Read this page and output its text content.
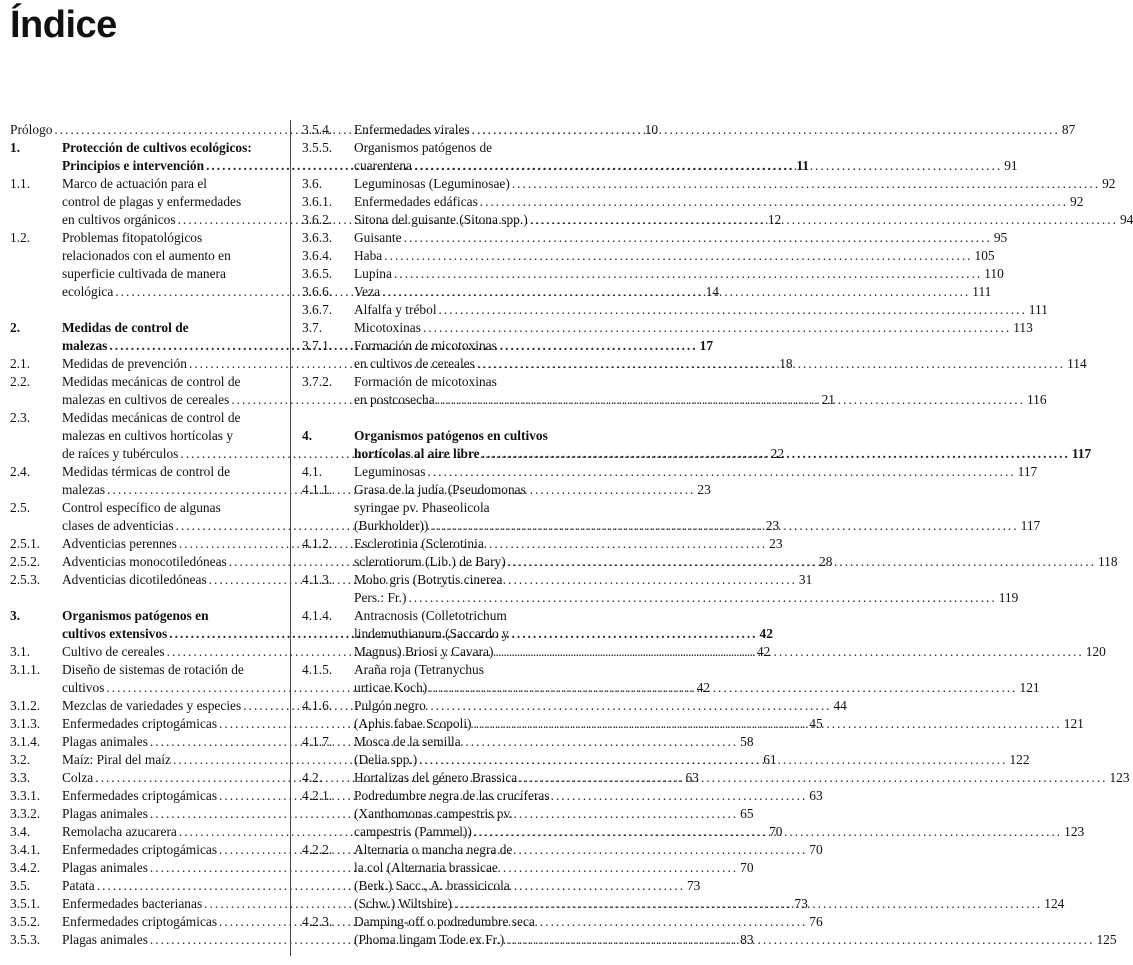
Índice
Prólogo .....	10
1.	Protección de cultivos ecológicos:
Principios e intervención .....	11
1.1.	Marco de actuación para el
control de plagas y enfermedades
en cultivos orgánicos .....	12
1.2.	Problemas fitopatológicos
relacionados con el aumento en
superficie cultivada de manera
ecológica .....	14
2.	Medidas de control de
malezas .....	17
2.1.	Medidas de prevención .....	18
2.2.	Medidas mecánicas de control de
malezas en cultivos de cereales .....	21
2.3.	Medidas mecánicas de control de
malezas en cultivos hortícolas y
de raíces y tubérculos .....	22
2.4.	Medidas térmicas de control de
malezas .....	23
2.5.	Control específico de algunas
clases de adventicias .....	23
2.5.1.	Adventicias perennes .....	23
2.5.2.	Adventicias monocotiledóneas .....	28
2.5.3.	Adventicias dicotiledóneas .....	31
3.	Organismos patógenos en
cultivos extensivos .....	42
3.1.	Cultivo de cereales .....	42
3.1.1.	Diseño de sistemas de rotación de
cultivos .....	42
3.1.2.	Mezclas de variedades y especies .....	44
3.1.3.	Enfermedades criptogámicas .....	45
3.1.4.	Plagas animales .....	58
3.2.	Maíz: Piral del maíz .....	61
3.3.	Colza .....	63
3.3.1.	Enfermedades criptogámicas .....	63
3.3.2.	Plagas animales .....	65
3.4.	Remolacha azucarera .....	70
3.4.1.	Enfermedades criptogámicas .....	70
3.4.2.	Plagas animales .....	70
3.5.	Patata .....	73
3.5.1.	Enfermedades bacterianas .....	73
3.5.2.	Enfermedades criptogámicas .....	76
3.5.3.	Plagas animales .....	83
3.5.4.	Enfermedades virales .....	87
3.5.5.	Organismos patógenos de
cuarentena .....	91
3.6.	Leguminosas (Leguminosae) .....	92
3.6.1.	Enfermedades edáficas .....	92
3.6.2.	Sitona del guisante (Sitona spp.) .....	94
3.6.3.	Guisante .....	95
3.6.4.	Haba .....	105
3.6.5.	Lupina .....	110
3.6.6.	Veza .....	111
3.6.7.	Alfalfa y trébol .....	111
3.7.	Micotoxinas .....	113
3.7.1.	Formación de micotoxinas
en cultivos de cereales .....	114
3.7.2.	Formación de micotoxinas
en postcosecha .....	116
4.	Organismos patógenos en cultivos
hortícolas al aire libre .....	117
4.1.	Leguminosas .....	117
4.1.1.	Grasa de la judía (Pseudomonas
syringae pv. Phaseolicola
(Burkholder)) .....	117
4.1.2.	Esclerotinia (Sclerotinia
sclerotiorum (Lib.) de Bary) .....	118
4.1.3.	Moho gris (Botrytis cinerea
Pers.: Fr.) .....	119
4.1.4.	Antracnosis (Colletotrichum
lindemuthianum (Saccardo y
Magnus) Briosi y Cavara) .....	120
4.1.5.	Araña roja (Tetranychus
urticae Koch) .....	121
4.1.6.	Pulgón negro
(Aphis fabae Scopoli) .....	121
4.1.7.	Mosca de la semilla
(Delia spp.) .....	122
4.2.	Hortalizas del género Brassica .....	123
4.2.1.	Podredumbre negra de las crucíferas
(Xanthomonas campestris pv.
campestris (Pammel)) .....	123
4.2.2.	Alternaria o mancha negra de
la col (Alternaria brassicae
(Berk.) Sacc., A. brassicicola
(Schw.) Wiltshire) .....	124
4.2.3.	Damping-off o podredumbre seca
(Phoma lingam Tode ex Fr.) .....	125
